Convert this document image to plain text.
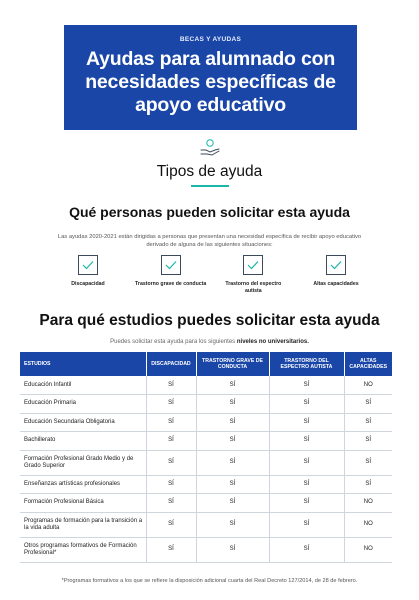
BECAS Y AYUDAS
Ayudas para alumnado con necesidades específicas de apoyo educativo
Tipos de ayuda
Qué personas pueden solicitar esta ayuda

Las ayudas 2020-2021 están dirigidas a personas que presentan una necesidad específica de recibir apoyo educativo derivado de alguna de las siguientes situaciones:

Discapacidad	Trastorno grave de conducta	Trastorno del espectro autista
Altas capacidades
Para qué estudios puedes solicitar esta ayuda

Puedes solicitar esta ayuda para los siguientes niveles no universitarios.

ESTUDIOS	DISCAPACIDAD	TRASTORNO GRAVE DE CONDUCTA	TRASTORNO DEL ESPECTRO AUTISTA	ALTAS CAPACIDADES
Educación Infantil	SÍ	SÍ	SÍ	NO
Educación Primaria	SÍ	SÍ	SÍ	SÍ
Educación Secundaria Obligatoria	SÍ	SÍ	SÍ	SÍ
Bachillerato	SÍ	SÍ	SÍ	SÍ
Formación Profesional Grado Medio y de Grado Superior	SÍ	SÍ	SÍ	SÍ
Enseñanzas artísticas profesionales	SÍ	SÍ	SÍ	SÍ
Formación Profesional Básica	SÍ	SÍ	SÍ	NO
Programas de formación para la transición a la vida adulta	SÍ	SÍ	SÍ	NO
Otros programas formativos de Formación Profesional*	SÍ	SÍ	SÍ	NO
*Programas formativos a los que se refiere la disposición adicional cuarta del Real Decreto 127/2014, de 28 de febrero.
